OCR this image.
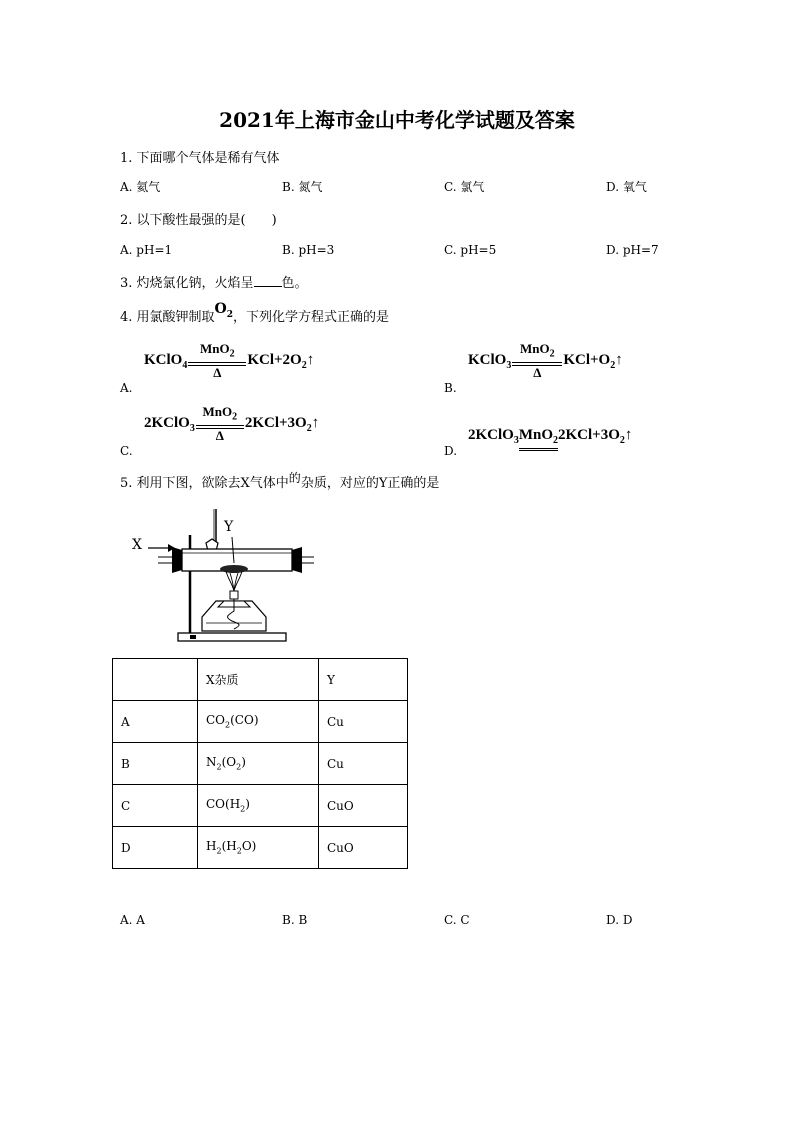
2021年上海市金山中考化学试题及答案
1. 下面哪个气体是稀有气体
A. 氦气	B. 氮气	C. 氯气	D. 氧气
2. 以下酸性最强的是(　　)
A. pH=1	B. pH=3	C. pH=5	D. pH=7
3. 灼烧氯化钠，火焰呈 色。
4. 用氯酸钾制取$O_2$，下列化学方程式正确的是
KClO$_4$
MnO$_2$
Δ
$KCl+2O_2↑$
A.
KClO$_3$
MnO$_2$
Δ
$KCl+O_2↑$
B.
2KClO$_3$
MnO$_2$
Δ
$2KCl+3O_2↑$
C.
$2KClO_3MnO_22KCl+3O_2↑$
D.
5. 利用下图，欲除去X气体中的杂质，对应的Y正确的是
X
Y
	X杂质	Y
A	$CO_2(CO)$	Cu
B	$N_2(O_2)$	Cu
C	$CO(H_2)$	CuO
D	$H_2(H_2O)$	CuO
A. A	B. B	C. C	D. D
